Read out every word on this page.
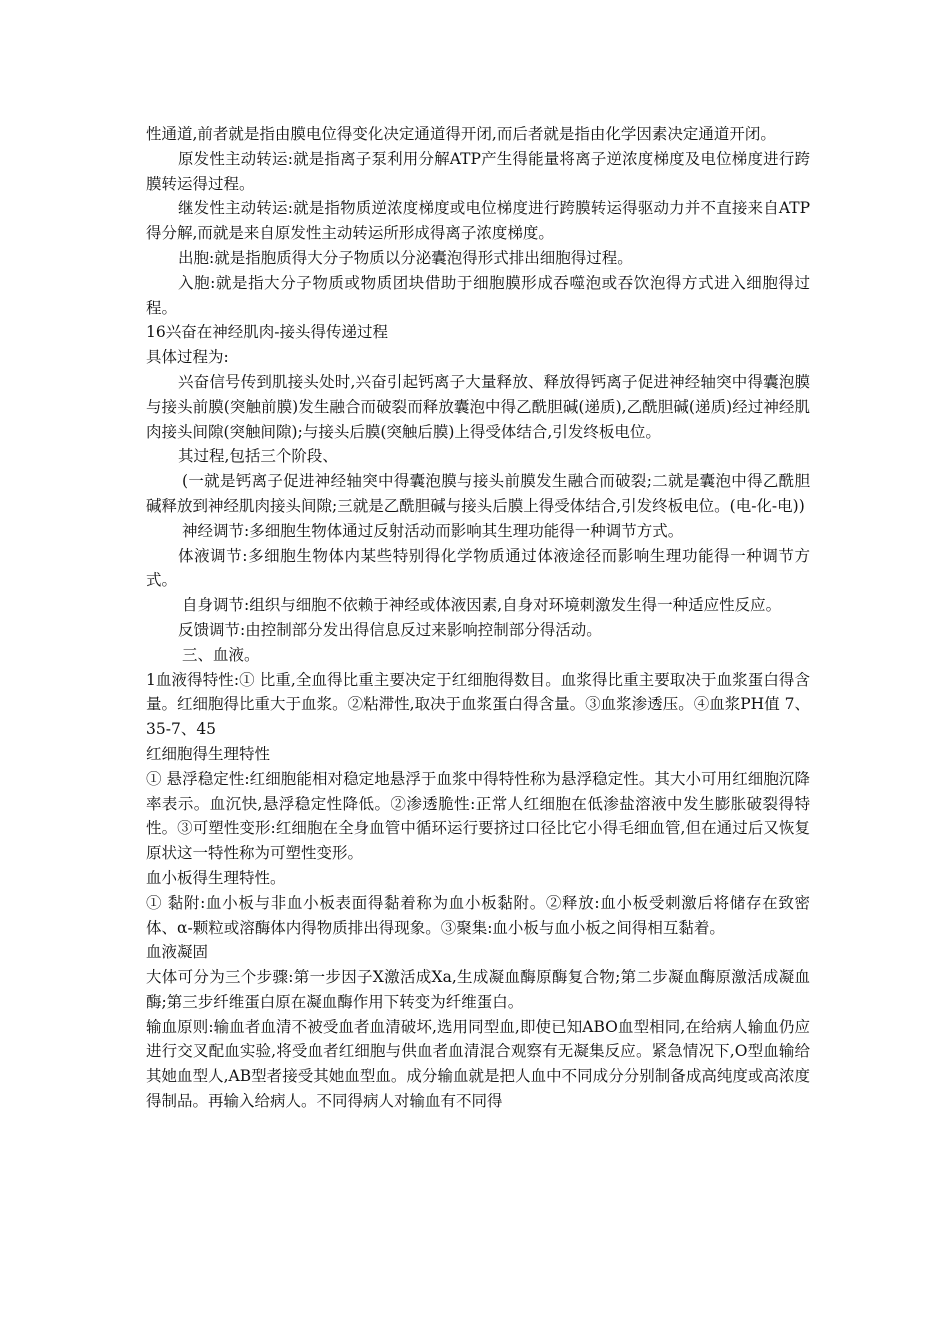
性通道,前者就是指由膜电位得变化决定通道得开闭,而后者就是指由化学因素决定通道开闭。

原发性主动转运:就是指离子泵利用分解ATP产生得能量将离子逆浓度梯度及电位梯度进行跨膜转运得过程。

继发性主动转运:就是指物质逆浓度梯度或电位梯度进行跨膜转运得驱动力并不直接来自ATP得分解,而就是来自原发性主动转运所形成得离子浓度梯度。

出胞:就是指胞质得大分子物质以分泌囊泡得形式排出细胞得过程。

入胞:就是指大分子物质或物质团块借助于细胞膜形成吞噬泡或吞饮泡得方式进入细胞得过程。

16兴奋在神经肌肉-接头得传递过程

具体过程为:

兴奋信号传到肌接头处时,兴奋引起钙离子大量释放、释放得钙离子促进神经轴突中得囊泡膜与接头前膜(突触前膜)发生融合而破裂而释放囊泡中得乙酰胆碱(递质),乙酰胆碱(递质)经过神经肌肉接头间隙(突触间隙);与接头后膜(突触后膜)上得受体结合,引发终板电位。

其过程,包括三个阶段、

(一就是钙离子促进神经轴突中得囊泡膜与接头前膜发生融合而破裂;二就是囊泡中得乙酰胆碱释放到神经肌肉接头间隙;三就是乙酰胆碱与接头后膜上得受体结合,引发终板电位。(电-化-电))

神经调节:多细胞生物体通过反射活动而影响其生理功能得一种调节方式。

体液调节:多细胞生物体内某些特别得化学物质通过体液途径而影响生理功能得一种调节方式。

自身调节:组织与细胞不依赖于神经或体液因素,自身对环境刺激发生得一种适应性反应。

反馈调节:由控制部分发出得信息反过来影响控制部分得活动。

三、血液。

1血液得特性:① 比重,全血得比重主要决定于红细胞得数目。血浆得比重主要取决于血浆蛋白得含量。红细胞得比重大于血浆。②粘滞性,取决于血浆蛋白得含量。③血浆渗透压。④血浆PH值 7、35-7、45

红细胞得生理特性

① 悬浮稳定性:红细胞能相对稳定地悬浮于血浆中得特性称为悬浮稳定性。其大小可用红细胞沉降率表示。血沉快,悬浮稳定性降低。②渗透脆性:正常人红细胞在低渗盐溶液中发生膨胀破裂得特性。③可塑性变形:红细胞在全身血管中循环运行要挤过口径比它小得毛细血管,但在通过后又恢复原状这一特性称为可塑性变形。

血小板得生理特性。

① 黏附:血小板与非血小板表面得黏着称为血小板黏附。②释放:血小板受刺激后将储存在致密体、α-颗粒或溶酶体内得物质排出得现象。③聚集:血小板与血小板之间得相互黏着。

血液凝固

大体可分为三个步骤:第一步因子X激活成Xa,生成凝血酶原酶复合物;第二步凝血酶原激活成凝血酶;第三步纤维蛋白原在凝血酶作用下转变为纤维蛋白。

输血原则:输血者血清不被受血者血清破坏,选用同型血,即使已知ABO血型相同,在给病人输血仍应进行交叉配血实验,将受血者红细胞与供血者血清混合观察有无凝集反应。紧急情况下,O型血输给其她血型人,AB型者接受其她血型血。成分输血就是把人血中不同成分分别制备成高纯度或高浓度得制品。再输入给病人。不同得病人对输血有不同得
